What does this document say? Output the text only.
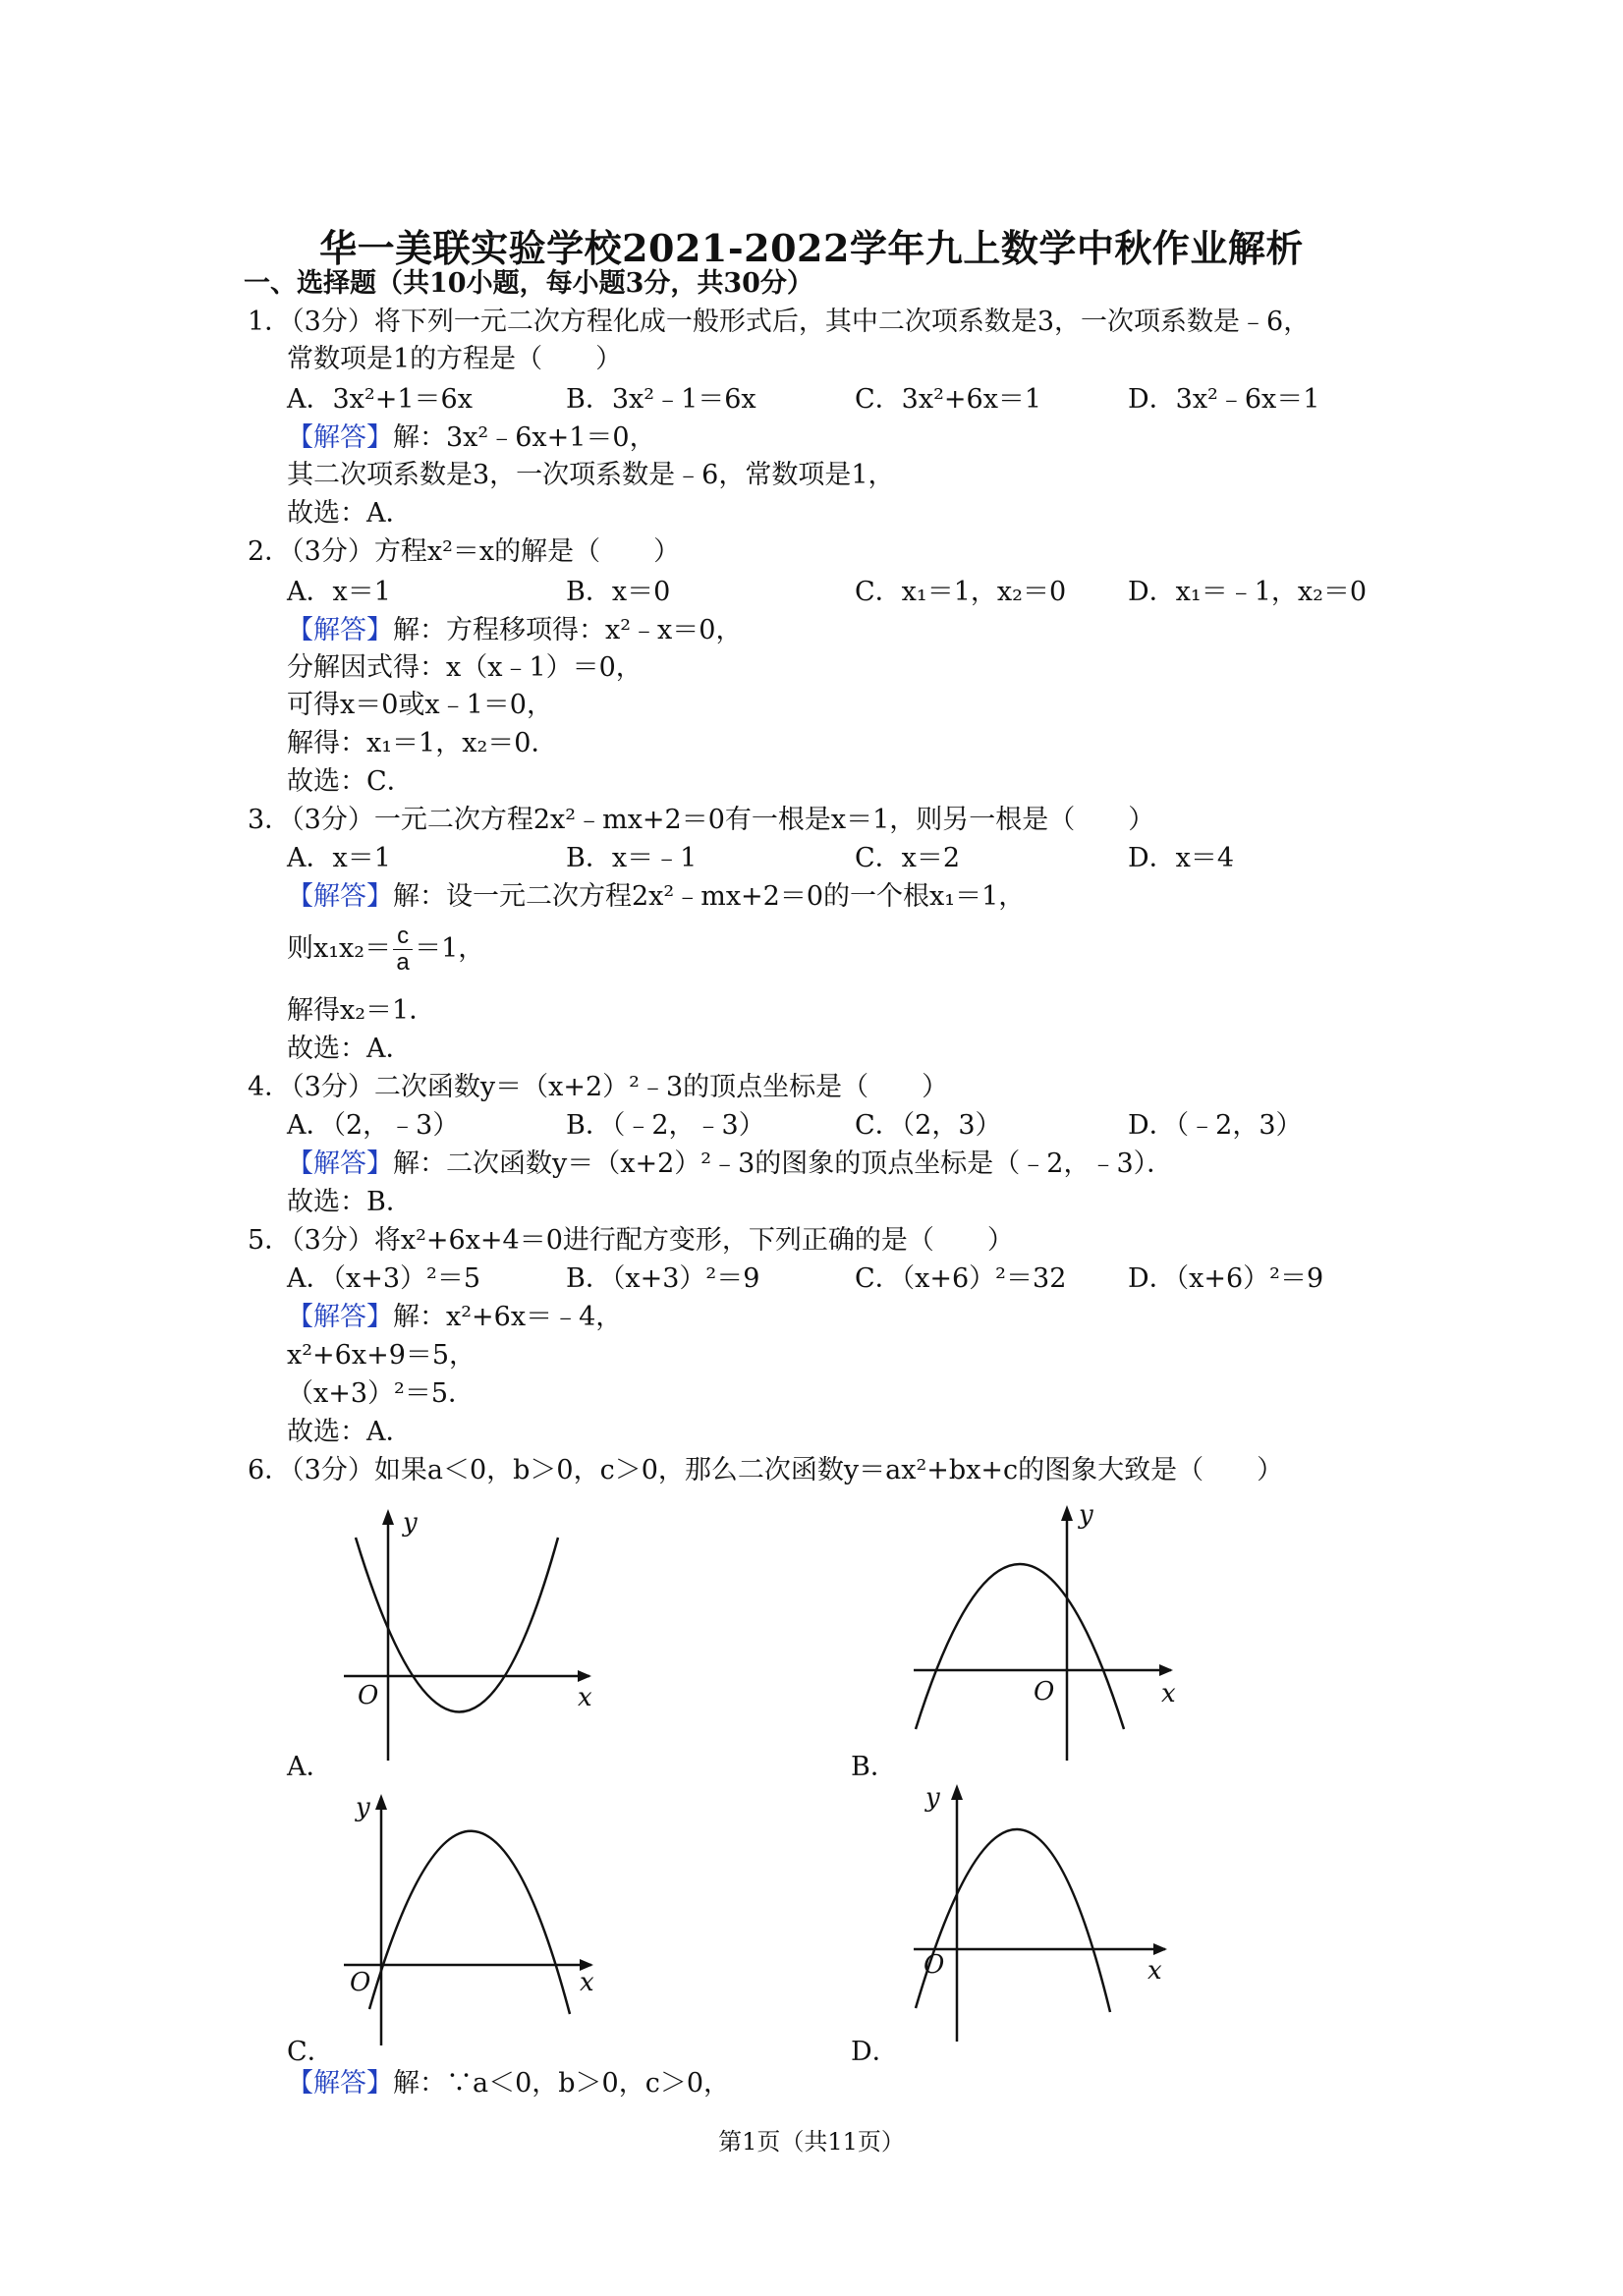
华一美联实验学校2021-2022学年九上数学中秋作业解析
一、选择题（共10小题，每小题3分，共30分）
1．（3分）将下列一元二次方程化成一般形式后，其中二次项系数是3，一次项系数是﹣6，
常数项是1的方程是（　　）
A．3x²+1＝6x	B．3x²﹣1＝6x	C．3x²+6x＝1	D．3x²﹣6x＝1
【解答】解：3x²﹣6x+1＝0，
其二次项系数是3，一次项系数是﹣6，常数项是1，
故选：A．
2．（3分）方程x²＝x的解是（　　）
A．x＝1	B．x＝0	C．x₁＝1，x₂＝0 D．x₁＝﹣1，x₂＝0
【解答】解：方程移项得：x²﹣x＝0，
分解因式得：x（x﹣1）＝0，
可得x＝0或x﹣1＝0，
解得：x₁＝1，x₂＝0．
故选：C．
3．（3分）一元二次方程2x²﹣mx+2＝0有一根是x＝1，则另一根是（　　）
A．x＝1	B．x＝﹣1	C．x＝2	D．x＝4
【解答】解：设一元二次方程2x²﹣mx+2＝0的一个根x₁＝1，
则$x_1x_2= \frac{c}{a} =1$，
解得x₂＝1．
故选：A．
4．（3分）二次函数y＝（x+2）²﹣3的顶点坐标是（　　）
A．（2，﹣3）	B．（﹣2，﹣3）	C．（2，3）	D．（﹣2，3）
【解答】解：二次函数y＝（x+2）²﹣3的图象的顶点坐标是（﹣2，﹣3）．
故选：B．
5．（3分）将x²+6x+4＝0进行配方变形，下列正确的是（　　）
A．（x+3）²＝5	B．（x+3）²＝9	C．（x+6）²＝32 D．（x+6）²＝9
【解答】解：x²+6x＝﹣4，
x²+6x+9＝5，
（x+3）²＝5．
故选：A．
6．（3分）如果a＜0，b＞0，c＞0，那么二次函数y＝ax²+bx+c的图象大致是（　　）
y
x
O
A．
y
x
O
B．
y
x
O
C．
y
x
O
D．
【解答】解：∵a＜0，b＞0，c＞0，
第1页（共11页）
